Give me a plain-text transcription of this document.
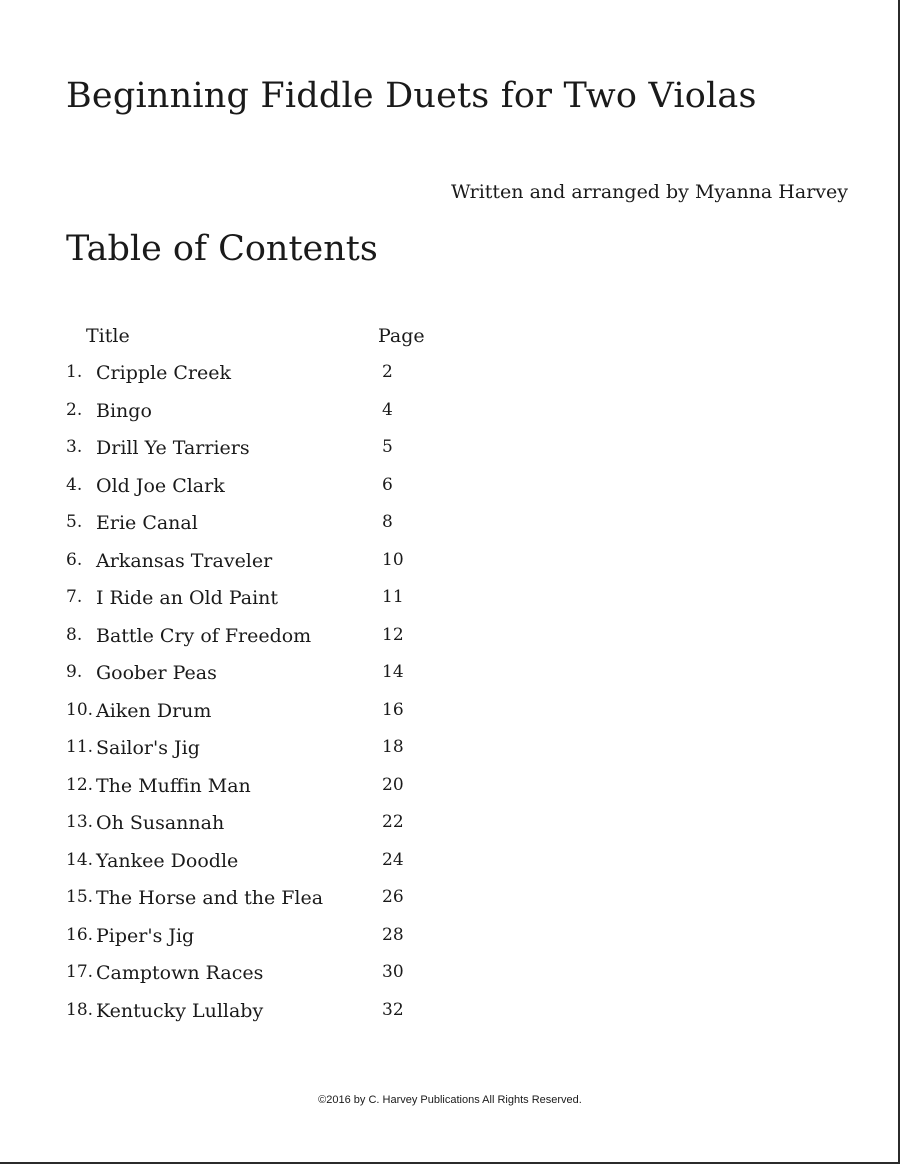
Beginning Fiddle Duets for Two Violas

Written and arranged by Myanna Harvey

Table of Contents
Title	Page
1. Cripple Creek	2
2. Bingo	4
3. Drill Ye Tarriers	5
4. Old Joe Clark	6
5. Erie Canal	8
6. Arkansas Traveler	10
7. I Ride an Old Paint	11
8. Battle Cry of Freedom	12
9. Goober Peas	14
10. Aiken Drum	16
11. Sailor's Jig	18
12. The Muffin Man	20
13. Oh Susannah	22
14. Yankee Doodle	24
15. The Horse and the Flea	26
16. Piper's Jig	28
17. Camptown Races	30
18. Kentucky Lullaby	32
©2016 by C. Harvey Publications All Rights Reserved.
